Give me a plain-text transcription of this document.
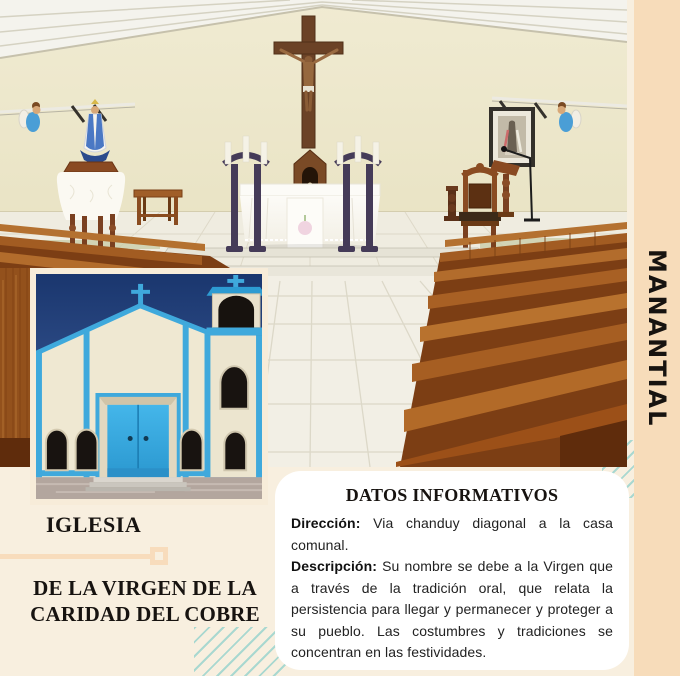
MANANTIAL
IGLESIA
DE LA VIRGEN DE LA
CARIDAD DEL COBRE
DATOS INFORMATIVOS

Dirección: Via chanduy diagonal a la casa comunal.

Descripción: Su nombre se debe a la Virgen que a través de la tradición oral, que relata la persistencia para llegar y permanecer y proteger a su pueblo. Las costumbres y tradiciones se concentran en las festividades.
